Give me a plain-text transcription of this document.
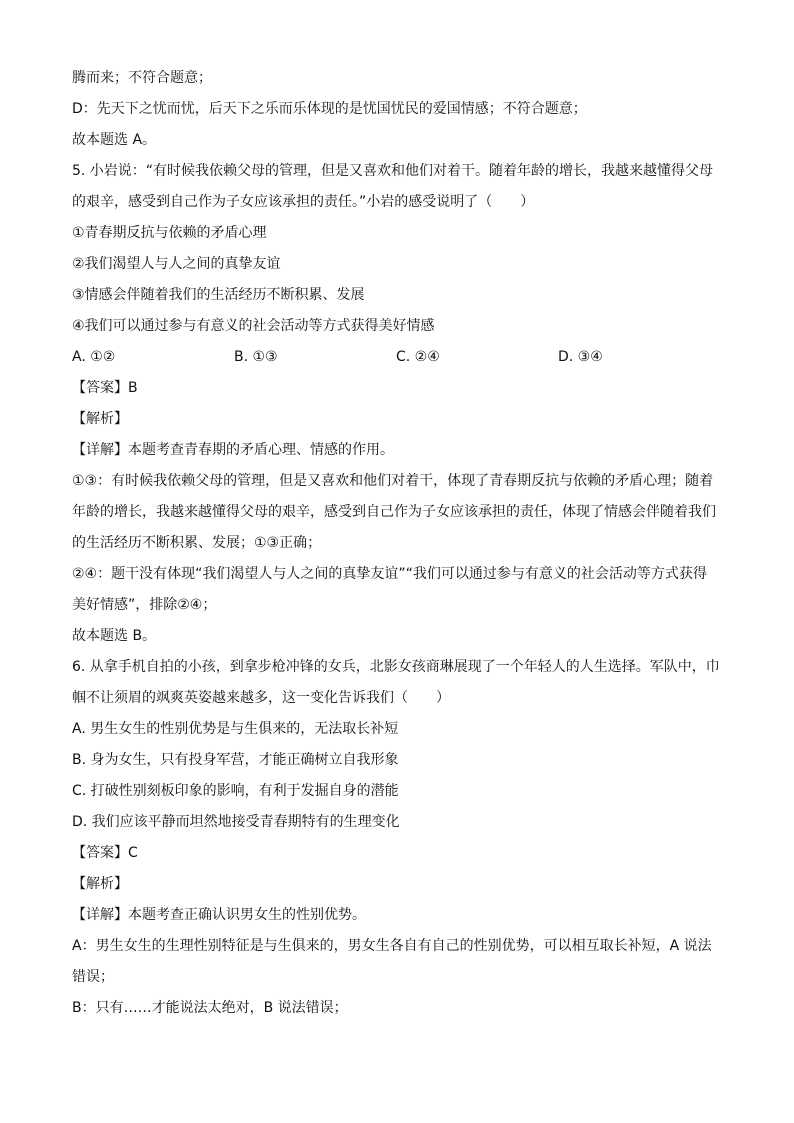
腾而来；不符合题意；
D：先天下之忧而忧，后天下之乐而乐体现的是忧国忧民的爱国情感；不符合题意；
故本题选 A。
5. 小岩说：“有时候我依赖父母的管理，但是又喜欢和他们对着干。随着年龄的增长，我越来越懂得父母
的艰辛，感受到自己作为子女应该承担的责任。”小岩的感受说明了（　　）
①青春期反抗与依赖的矛盾心理
②我们渴望人与人之间的真挚友谊
③情感会伴随着我们的生活经历不断积累、发展
④我们可以通过参与有意义的社会活动等方式获得美好情感
A. ①②	B. ①③	C. ②④	D. ③④
【答案】B
【解析】
【详解】本题考查青春期的矛盾心理、情感的作用。
①③：有时候我依赖父母的管理，但是又喜欢和他们对着干，体现了青春期反抗与依赖的矛盾心理；随着
年龄的增长，我越来越懂得父母的艰辛，感受到自己作为子女应该承担的责任，体现了情感会伴随着我们
的生活经历不断积累、发展；①③正确；
②④：题干没有体现“我们渴望人与人之间的真挚友谊”“我们可以通过参与有意义的社会活动等方式获得
美好情感”，排除②④；
故本题选 B。
6. 从拿手机自拍的小孩，到拿步枪冲锋的女兵，北影女孩商琳展现了一个年轻人的人生选择。军队中，巾
帼不让须眉的飒爽英姿越来越多，这一变化告诉我们（　　）
A. 男生女生的性别优势是与生俱来的，无法取长补短
B. 身为女生，只有投身军营，才能正确树立自我形象
C. 打破性别刻板印象的影响，有利于发掘自身的潜能
D. 我们应该平静而坦然地接受青春期特有的生理变化
【答案】C
【解析】
【详解】本题考查正确认识男女生的性别优势。
A：男生女生的生理性别特征是与生俱来的，男女生各自有自己的性别优势，可以相互取长补短，A 说法
错误；
B：只有……才能说法太绝对，B 说法错误；
